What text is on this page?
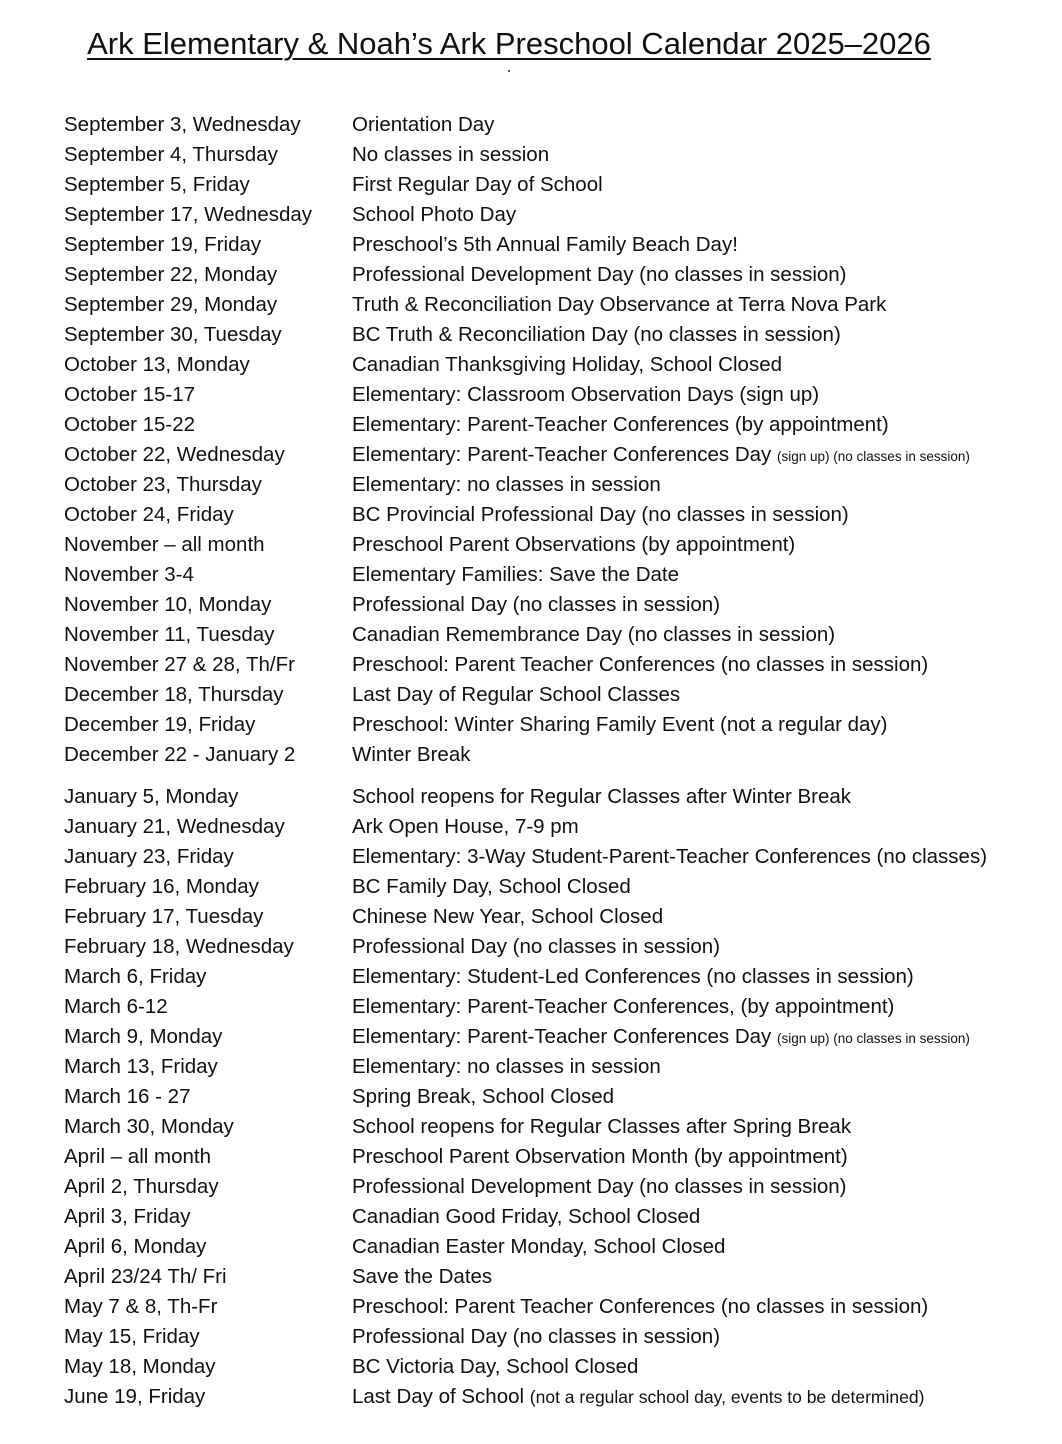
Ark Elementary & Noah’s Ark Preschool Calendar 2025–2026
September 3, Wednesday	Orientation Day
September 4, Thursday	No classes in session
September 5, Friday	First Regular Day of School
September 17, Wednesday	School Photo Day
September 19, Friday	Preschool’s 5th Annual Family Beach Day!
September 22, Monday	Professional Development Day (no classes in session)
September 29, Monday	Truth & Reconciliation Day Observance at Terra Nova Park
September 30, Tuesday	BC Truth & Reconciliation Day (no classes in session)
October 13, Monday	Canadian Thanksgiving Holiday, School Closed
October 15-17	Elementary: Classroom Observation Days (sign up)
October 15-22	Elementary: Parent-Teacher Conferences (by appointment)
October 22, Wednesday	Elementary: Parent-Teacher Conferences Day (sign up) (no classes in session)
October 23, Thursday	Elementary: no classes in session
October 24, Friday	BC Provincial Professional Day (no classes in session)
November – all month	Preschool Parent Observations (by appointment)
November 3-4	Elementary Families: Save the Date
November 10, Monday	Professional Day (no classes in session)
November 11, Tuesday	Canadian Remembrance Day (no classes in session)
November 27 & 28, Th/Fr	Preschool: Parent Teacher Conferences (no classes in session)
December 18, Thursday	Last Day of Regular School Classes
December 19, Friday	Preschool: Winter Sharing Family Event (not a regular day)
December 22 - January 2	Winter Break
January 5, Monday	School reopens for Regular Classes after Winter Break
January 21, Wednesday	Ark Open House, 7-9 pm
January 23, Friday	Elementary: 3-Way Student-Parent-Teacher Conferences (no classes)
February 16, Monday	BC Family Day, School Closed
February 17, Tuesday	Chinese New Year, School Closed
February 18, Wednesday	Professional Day (no classes in session)
March 6, Friday	Elementary: Student-Led Conferences (no classes in session)
March 6-12	Elementary: Parent-Teacher Conferences, (by appointment)
March 9, Monday	Elementary: Parent-Teacher Conferences Day (sign up) (no classes in session)
March 13, Friday	Elementary: no classes in session
March 16 - 27	Spring Break, School Closed
March 30, Monday	School reopens for Regular Classes after Spring Break
April – all month	Preschool Parent Observation Month (by appointment)
April 2, Thursday	Professional Development Day (no classes in session)
April 3, Friday	Canadian Good Friday, School Closed
April 6, Monday	Canadian Easter Monday, School Closed
April 23/24 Th/ Fri	Save the Dates
May 7 & 8, Th-Fr	Preschool: Parent Teacher Conferences (no classes in session)
May 15, Friday	Professional Day (no classes in session)
May 18, Monday	BC Victoria Day, School Closed
June 19, Friday	Last Day of School (not a regular school day, events to be determined)
